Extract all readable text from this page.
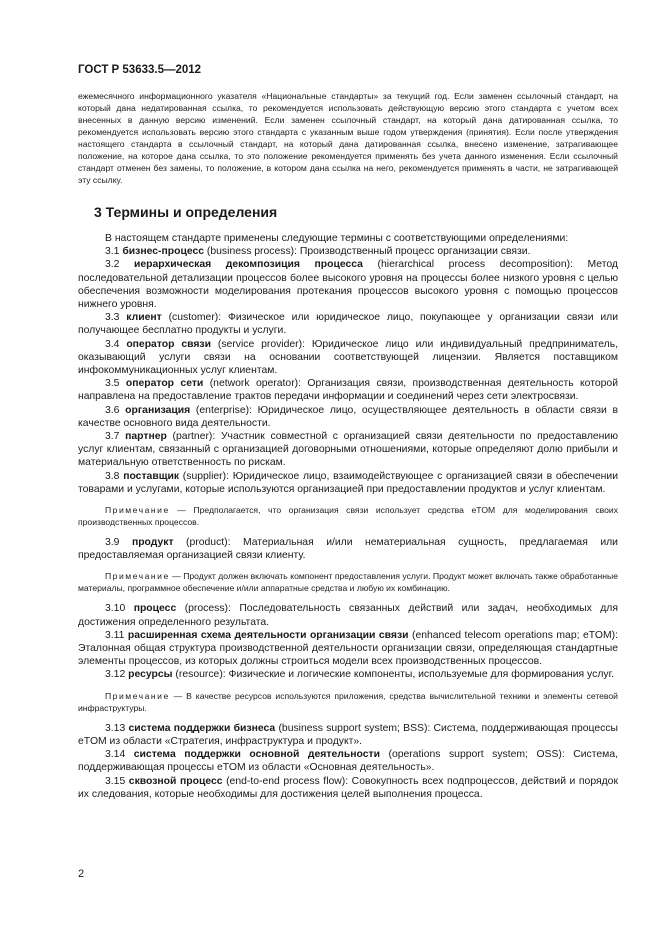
ГОСТ Р 53633.5—2012

ежемесячного информационного указателя «Национальные стандарты» за текущий год. Если заменен ссылочный стандарт, на который дана недатированная ссылка, то рекомендуется использовать действующую версию этого стандарта с учетом всех внесенных в данную версию изменений. Если заменен ссылочный стандарт, на который дана датированная ссылка, то рекомендуется использовать версию этого стандарта с указанным выше годом утверждения (принятия). Если после утверждения настоящего стандарта в ссылочный стандарт, на который дана датированная ссылка, внесено изменение, затрагивающее положение, на которое дана ссылка, то это положение рекомендуется применять без учета данного изменения. Если ссылочный стандарт отменен без замены, то положение, в котором дана ссылка на него, рекомендуется применять в части, не затрагивающей эту ссылку.

3 Термины и определения

В настоящем стандарте применены следующие термины с соответствующими определениями:

3.1 бизнес-процесс (business process): Производственный процесс организации связи.

3.2 иерархическая декомпозиция процесса (hierarchical process decomposition): Метод последовательной детализации процессов более высокого уровня на процессы более низкого уровня с целью обеспечения возможности моделирования протекания процессов высокого уровня с помощью процессов нижнего уровня.

3.3 клиент (customer): Физическое или юридическое лицо, покупающее у организации связи или получающее бесплатно продукты и услуги.

3.4 оператор связи (service provider): Юридическое лицо или индивидуальный предприниматель, оказывающий услуги связи на основании соответствующей лицензии. Является поставщиком инфокоммуникационных услуг клиентам.

3.5 оператор сети (network operator): Организация связи, производственная деятельность которой направлена на предоставление трактов передачи информации и соединений через сети электросвязи.

3.6 организация (enterprise): Юридическое лицо, осуществляющее деятельность в области связи в качестве основного вида деятельности.

3.7 партнер (partner): Участник совместной с организацией связи деятельности по предоставлению услуг клиентам, связанный с организацией договорными отношениями, которые определяют долю прибыли и материальную ответственность по рискам.

3.8 поставщик (supplier): Юридическое лицо, взаимодействующее с организацией связи в обеспечении товарами и услугами, которые используются организацией при предоставлении продуктов и услуг клиентам.

Примечание — Предполагается, что организация связи использует средства eTOM для моделирования своих производственных процессов.

3.9 продукт (product): Материальная и/или нематериальная сущность, предлагаемая или предоставляемая организацией связи клиенту.

Примечание — Продукт должен включать компонент предоставления услуги. Продукт может включать также обработанные материалы, программное обеспечение и/или аппаратные средства и любую их комбинацию.

3.10 процесс (process): Последовательность связанных действий или задач, необходимых для достижения определенного результата.

3.11 расширенная схема деятельности организации связи (enhanced telecom operations map; eTOM): Эталонная общая структура производственной деятельности организации связи, определяющая стандартные элементы процессов, из которых должны строиться модели всех производственных процессов.

3.12 ресурсы (resource): Физические и логические компоненты, используемые для формирования услуг.

Примечание — В качестве ресурсов используются приложения, средства вычислительной техники и элементы сетевой инфраструктуры.

3.13 система поддержки бизнеса (business support system; BSS): Система, поддерживающая процессы eTOM из области «Стратегия, инфраструктура и продукт».

3.14 система поддержки основной деятельности (operations support system; OSS): Система, поддерживающая процессы eTOM из области «Основная деятельность».

3.15 сквозной процесс (end-to-end process flow): Совокупность всех подпроцессов, действий и порядок их следования, которые необходимы для достижения целей выполнения процесса.

2
